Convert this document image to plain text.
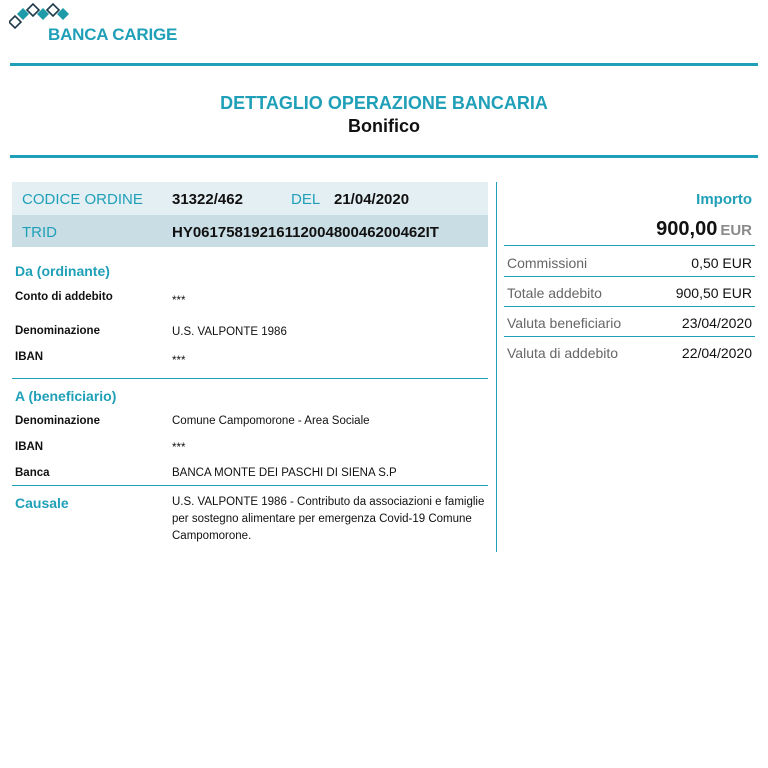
BANCA CARIGE
DETTAGLIO OPERAZIONE BANCARIA
Bonifico
CODICE ORDINE 31322/462	DEL 21/04/2020
TRID	HY0617581921611200480046200462IT
Da (ordinante)
Conto di addebito	***
Denominazione	U.S. VALPONTE 1986
IBAN	***
A (beneficiario)
Denominazione	Comune Campomorone - Area Sociale
IBAN	***
Banca	BANCA MONTE DEI PASCHI DI SIENA S.P
Causale	U.S. VALPONTE 1986 - Contributo da associazioni e famiglie
per sostegno alimentare per emergenza Covid-19 Comune
Campomorone.
Importo
900,00 EUR
Commissioni	0,50 EUR
Totale addebito	900,50 EUR
Valuta beneficiario	23/04/2020
Valuta di addebito	22/04/2020
